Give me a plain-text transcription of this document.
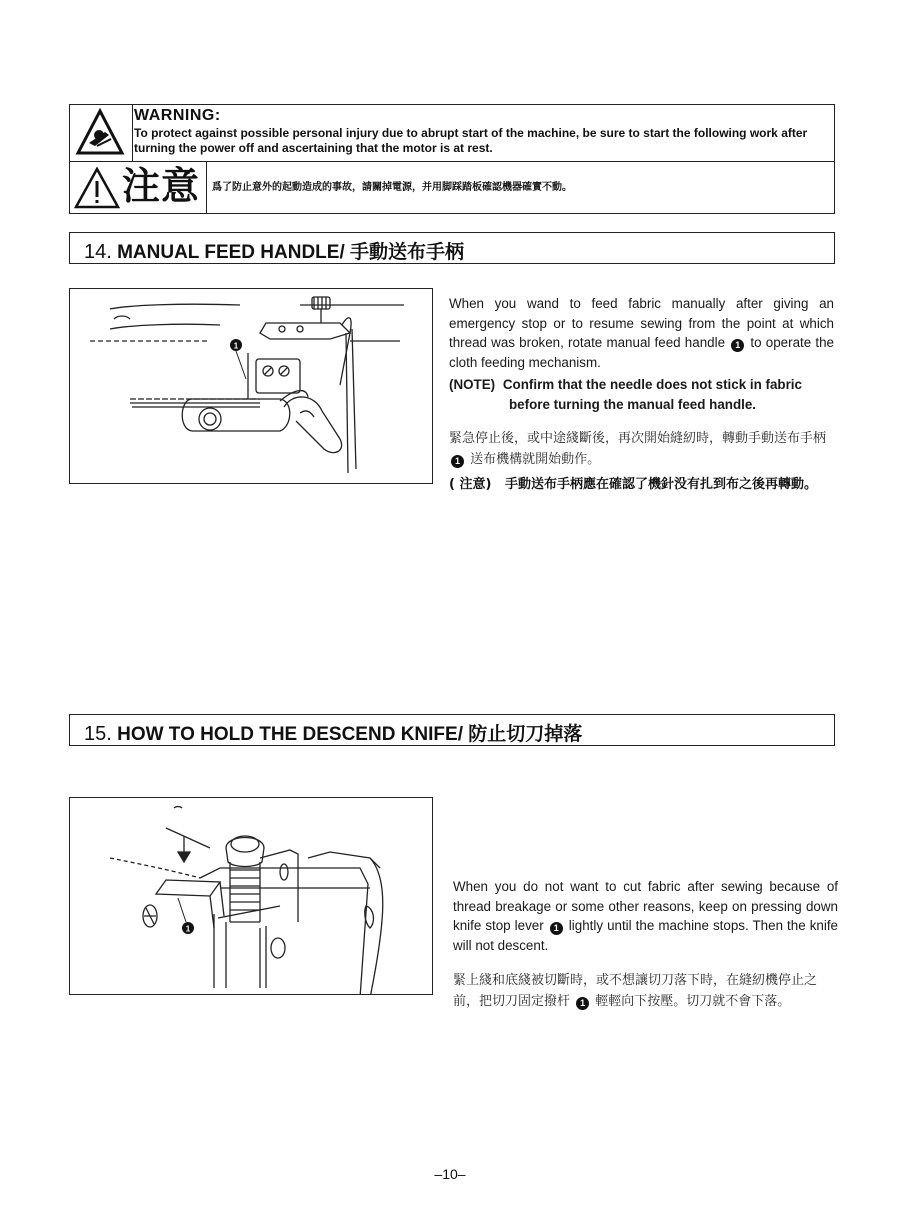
WARNING:
To protect against possible personal injury due to abrupt start of the machine, be sure to start the following work after turning the power off and ascertaining that the motor is at rest.
注意 爲了防止意外的起動造成的事故，請關掉電源，并用脚踩踏板確認機器確實不動。
14. MANUAL FEED HANDLE/ 手動送布手柄
1
When you wand to feed fabric manually after giving an emergency stop or to resume sewing from the point at which thread was broken, rotate manual feed handle 1 to operate the cloth feeding mechanism.
(NOTE) Confirm that the needle does not stick in fabric
before turning the manual feed handle.
緊急停止後，或中途綫斷後，再次開始縫紉時，轉動手動送布手柄 1 送布機構就開始動作。
( 注意)	手動送布手柄應在確認了機針没有扎到布之後再轉動。
15. HOW TO HOLD THE DESCEND KNIFE/ 防止切刀掉落
1
When you do not want to cut fabric after sewing because of thread breakage or some other reasons, keep on pressing down knife stop lever 1 lightly until the machine stops. Then the knife will not descent.
緊上綫和底綫被切斷時，或不想讓切刀落下時，在縫紉機停止之前，把切刀固定撥杆 1 輕輕向下按壓。切刀就不會下落。
–10–
